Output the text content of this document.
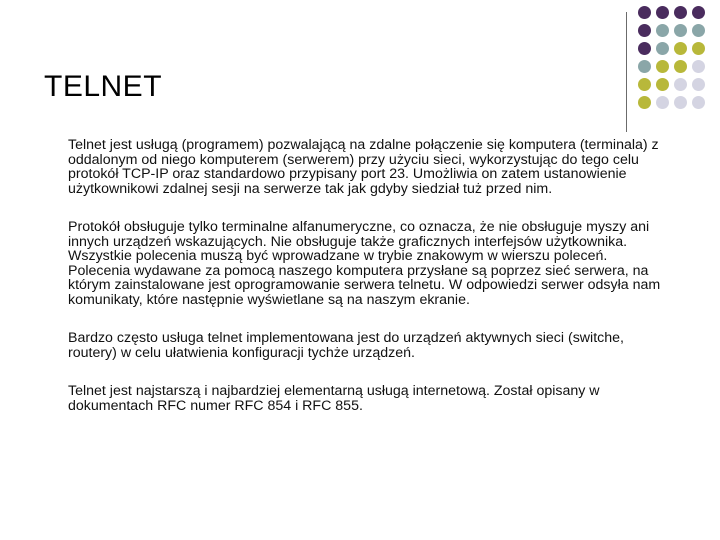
TELNET

Telnet jest usługą (programem) pozwalającą na zdalne połączenie się komputera (terminala) z oddalonym od niego komputerem (serwerem) przy użyciu sieci, wykorzystując do tego celu protokół TCP-IP oraz standardowo przypisany port 23. Umożliwia on zatem ustanowienie użytkownikowi zdalnej sesji na serwerze tak jak gdyby siedział tuż przed nim.

Protokół obsługuje tylko terminalne alfanumeryczne, co oznacza, że nie obsługuje myszy ani innych urządzeń wskazujących. Nie obsługuje także graficznych interfejsów użytkownika. Wszystkie polecenia muszą być wprowadzane w trybie znakowym w wierszu poleceń. Polecenia wydawane za pomocą naszego komputera przysłane są poprzez sieć serwera, na którym zainstalowane jest oprogramowanie serwera telnetu. W odpowiedzi serwer odsyła nam komunikaty, które następnie wyświetlane są na naszym ekranie.

Bardzo często usługa telnet implementowana jest do urządzeń aktywnych sieci (switche, routery) w celu ułatwienia konfiguracji tychże urządzeń.

Telnet jest najstarszą i najbardziej elementarną usługą internetową. Został opisany w dokumentach RFC numer RFC 854 i RFC 855.
